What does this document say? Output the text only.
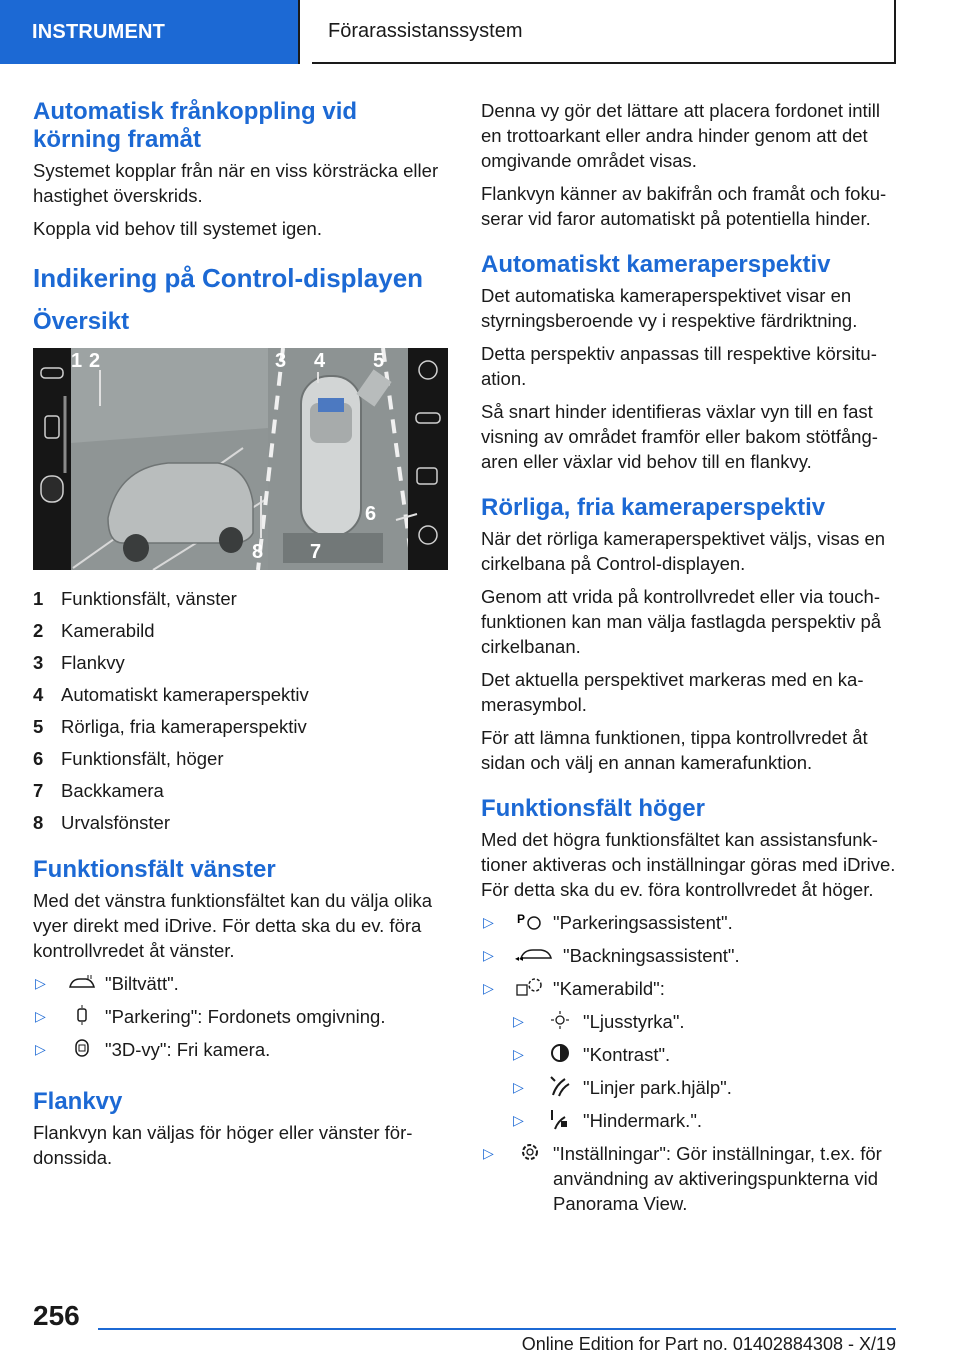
INSTRUMENT	Förarassistanssystem
Automatisk frånkoppling vid körning framåt

Systemet kopplar från när en viss körsträcka eller hastighet överskrids.

Koppla vid behov till systemet igen.

Indikering på Control-displayen
Översikt
1 2	3 4 5
6
7
8
1 Funktionsfält, vänster
2 Kamerabild
3 Flankvy
4 Automatiskt kameraperspektiv
5 Rörliga, fria kameraperspektiv
6 Funktionsfält, höger
7 Backkamera
8 Urvalsfönster
Funktionsfält vänster

Med det vänstra funktionsfältet kan du välja olika vyer direkt med iDrive. För detta ska du ev. föra kontrollvredet åt vänster.

▷	"Biltvätt".
▷	"Parkering": Fordonets omgivning.
▷	"3D-vy": Fri kamera.
Flankvy

Flankvyn kan väljas för höger eller vänster fördonssida.

Denna vy gör det lättare att placera fordonet intill en trottoarkant eller andra hinder genom att det omgivande området visas.

Flankvyn känner av bakifrån och framåt och fokuserar vid faror automatiskt på potentiella hinder.

Automatiskt kameraperspektiv

Det automatiska kameraperspektivet visar en styrningsberoende vy i respektive färdriktning.

Detta perspektiv anpassas till respektive körsituation.

Så snart hinder identifieras växlar vyn till en fast visning av området framför eller bakom stötfångaren eller växlar vid behov till en flankvy.

Rörliga, fria kameraperspektiv

När det rörliga kameraperspektivet väljs, visas en cirkelbana på Control-displayen.

Genom att vrida på kontrollvredet eller via touchfunktionen kan man välja fastlagda perspektiv på cirkelbanan.

Det aktuella perspektivet markeras med en kamerasymbol.

För att lämna funktionen, tippa kontrollvredet åt sidan och välj en annan kamerafunktion.

Funktionsfält höger

Med det högra funktionsfältet kan assistansfunktioner aktiveras och inställningar göras med iDrive. För detta ska du ev. föra kontrollvredet åt höger.

▷	P "Parkeringsassistent".
▷	◂◂ "Backningsassistent".
▷	"Kamerabild":
▷	"Ljusstyrka".
▷	"Kontrast".
▷	"Linjer park.hjälp".
▷	"Hindermark.".
▷	"Inställningar": Gör inställningar, t.ex. för användning av aktiveringspunkterna vid Panorama View.
256
Online Edition for Part no. 01402884308 - X/19
